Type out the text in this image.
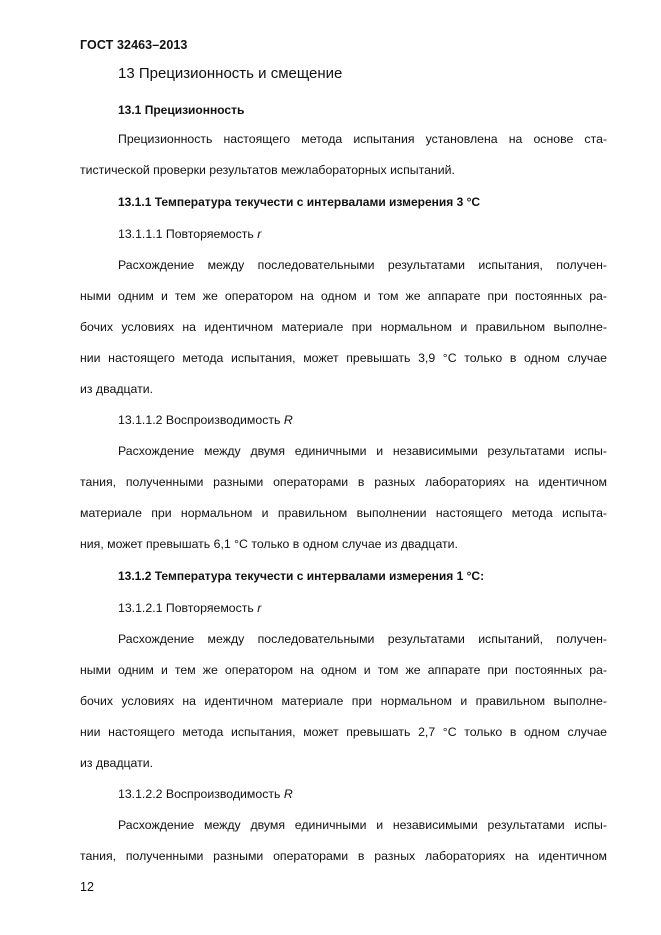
ГОСТ 32463–2013
13 Прецизионность и смещение
13.1 Прецизионность
Прецизионность настоящего метода испытания установлена на основе ста-
тистической проверки результатов межлабораторных испытаний.
13.1.1 Температура текучести с интервалами измерения 3 °С
13.1.1.1 Повторяемость r
Расхождение между последовательными результатами испытания, получен-
ными одним и тем же оператором на одном и том же аппарате при постоянных ра-
бочих условиях на идентичном материале при нормальном и правильном выполне-
нии настоящего метода испытания, может превышать 3,9 °С только в одном случае
из двадцати.
13.1.1.2 Воспроизводимость R
Расхождение между двумя единичными и независимыми результатами испы-
тания, полученными разными операторами в разных лабораториях на идентичном
материале при нормальном и правильном выполнении настоящего метода испыта-
ния, может превышать 6,1 °С только в одном случае из двадцати.
13.1.2 Температура текучести с интервалами измерения 1 °С:
13.1.2.1 Повторяемость r
Расхождение между последовательными результатами испытаний, получен-
ными одним и тем же оператором на одном и том же аппарате при постоянных ра-
бочих условиях на идентичном материале при нормальном и правильном выполне-
нии настоящего метода испытания, может превышать 2,7 °С только в одном случае
из двадцати.
13.1.2.2 Воспроизводимость R
Расхождение между двумя единичными и независимыми результатами испы-
тания, полученными разными операторами в разных лабораториях на идентичном
12
